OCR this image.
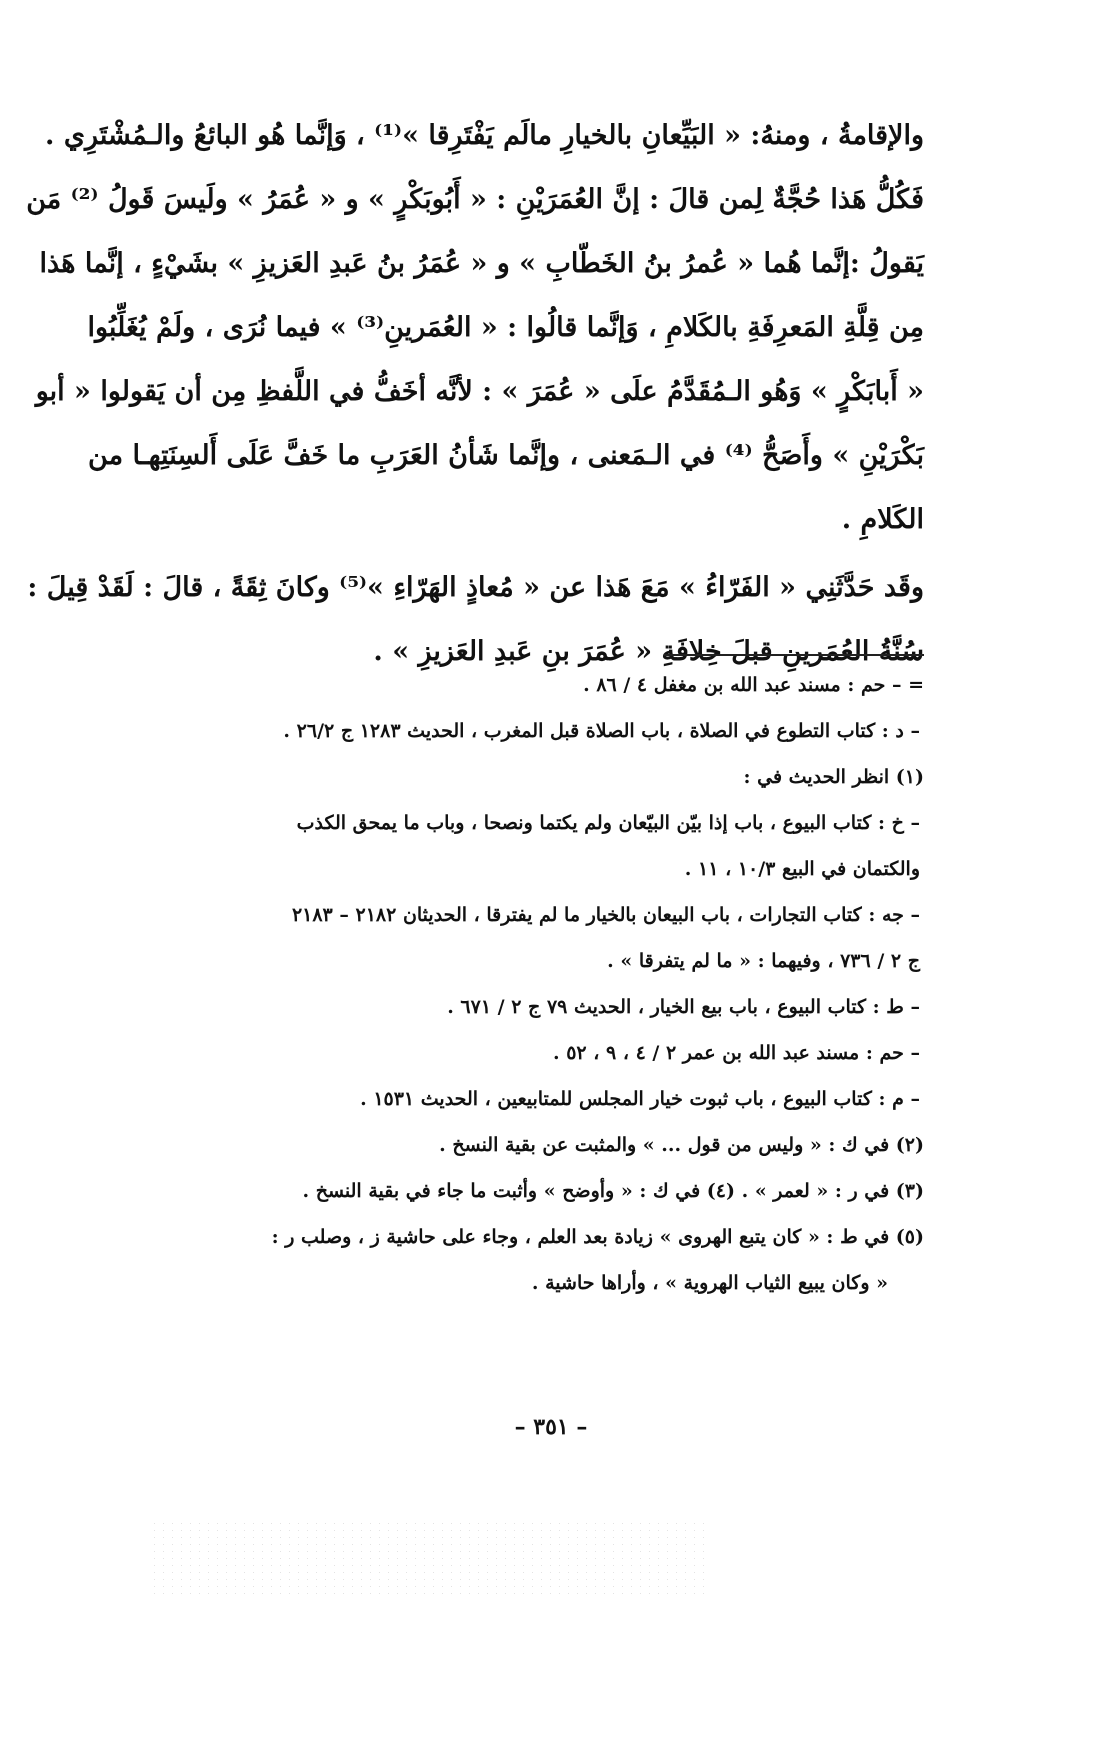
والإقامةُ ، ومنهُ: « البَيِّعانِ بالخيارِ مالَم يَفْتَرِقا »⁽¹⁾ ، وَإنَّما هُو البائعُ والـمُشْتَرِي .
فَكُلُّ هَذا حُجَّةٌ لِمن قالَ : إنَّ العُمَرَيْنِ : « أَبُوبَكْرٍ » و « عُمَرُ » ولَيسَ قَولُ ⁽²⁾ مَن
يَقولُ :إنَّما هُما « عُمرُ بنُ الخَطّابِ » و « عُمَرُ بنُ عَبدِ العَزيزِ » بشَيْءٍ ، إنَّما هَذا
مِن قِلَّةِ المَعرِفَةِ بالكَلامِ ، وَإنَّما قالُوا : « العُمَرينِ⁽³⁾ » فيما نُرَى ، ولَمْ يُغَلِّبُوا
« أَبابَكْرٍ » وَهُو الـمُقَدَّمُ علَى « عُمَرَ » : لأنَّه أخَفُّ في اللَّفظِ مِن أن يَقولوا « أبو
بَكْرَيْنِ » وأَصَحُّ ⁽⁴⁾ في الـمَعنى ، وإنَّما شَأنُ العَرَبِ ما خَفَّ عَلَى أَلسِنَتِهـا من
الكَلامِ .
وقَد حَدَّثَنِي « الفَرّاءُ » مَعَ هَذا عن « مُعاذٍ الهَرّاءِ »⁽⁵⁾ وكانَ ثِقَةً ، قالَ : لَقَدْ قِيلَ :
سُنَّةُ العُمَرينِ قبلَ خِلافَةِ « عُمَرَ بنِ عَبدِ العَزيزِ » .
= – حم : مسند عبد الله بن مغفل ٤ / ٨٦ .
– د : كتاب التطوع في الصلاة ، باب الصلاة قبل المغرب ، الحديث ١٢٨٣ ج ٢٦/٢ .
(١) انظر الحديث في :
– خ : كتاب البيوع ، باب إذا بيّن البيّعان ولم يكتما ونصحا ، وباب ما يمحق الكذب
والكتمان في البيع ١٠/٣ ، ١١ .
– جه : كتاب التجارات ، باب البيعان بالخيار ما لم يفترقا ، الحديثان ٢١٨٢ – ٢١٨٣
ج ٢ / ٧٣٦ ، وفيهما : « ما لم يتفرقا » .
– ط : كتاب البيوع ، باب بيع الخيار ، الحديث ٧٩ ج ٢ / ٦٧١ .
– حم : مسند عبد الله بن عمر ٢ / ٤ ، ٩ ، ٥٢ .
– م : كتاب البيوع ، باب ثبوت خيار المجلس للمتابيعين ، الحديث ١٥٣١ .
(٢) في ك : « وليس من قول ... » والمثبت عن بقية النسخ .
(٣) في ر : « لعمر » . (٤) في ك : « وأوضح » وأثبت ما جاء في بقية النسخ .
(٥) في ط : « كان يتبع الهروى » زيادة بعد العلم ، وجاء على حاشية ز ، وصلب ر :
« وكان يبيع الثياب الهروية » ، وأراها حاشية .
– ٣٥١ –
